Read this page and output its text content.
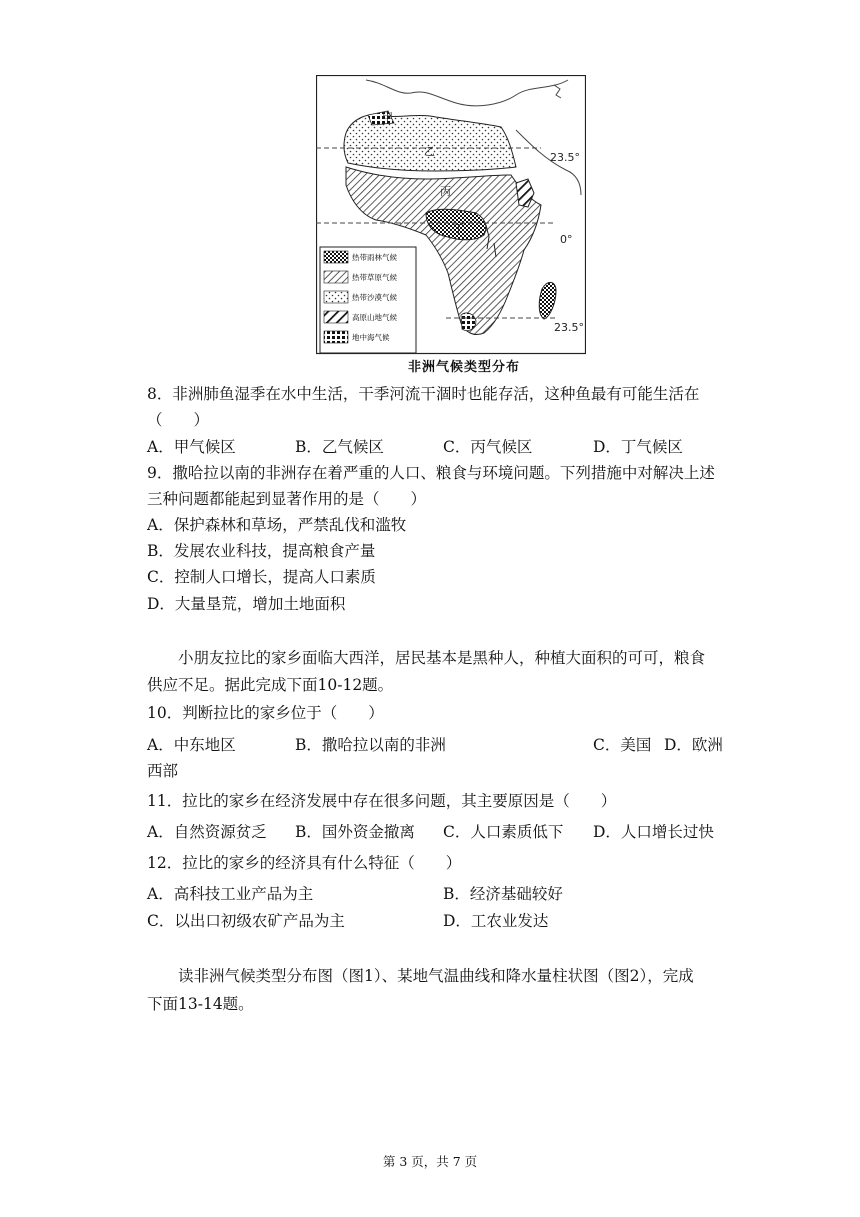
甲
乙
丙
丁
23.5°
0°
23.5°
热带雨林气候
热带草原气候
热带沙漠气候
高原山地气候
地中海气候
非洲气候类型分布
8．非洲肺鱼湿季在水中生活，干季河流干涸时也能存活，这种鱼最有可能生活在
（　　）
A．甲气候区	B．乙气候区	C．丙气候区	D．丁气候区
9．撒哈拉以南的非洲存在着严重的人口、粮食与环境问题。下列措施中对解决上述
三种问题都能起到显著作用的是（　　）
A．保护森林和草场，严禁乱伐和滥牧
B．发展农业科技，提高粮食产量
C．控制人口增长，提高人口素质
D．大量垦荒，增加土地面积
小朋友拉比的家乡面临大西洋，居民基本是黑种人，种植大面积的可可，粮食
供应不足。据此完成下面10-12题。
10．判断拉比的家乡位于（　　）
A．中东地区	B．撒哈拉以南的非洲	C．美国 D．欧洲
西部
11．拉比的家乡在经济发展中存在很多问题，其主要原因是（　　）
A．自然资源贫乏 B．国外资金撤离 C．人口素质低下 D．人口增长过快
12．拉比的家乡的经济具有什么特征（　　）
A．高科技工业产品为主	B．经济基础较好
C．以出口初级农矿产品为主	D．工农业发达
读非洲气候类型分布图（图1）、某地气温曲线和降水量柱状图（图2），完成
下面13-14题。
第 3 页，共 7 页
